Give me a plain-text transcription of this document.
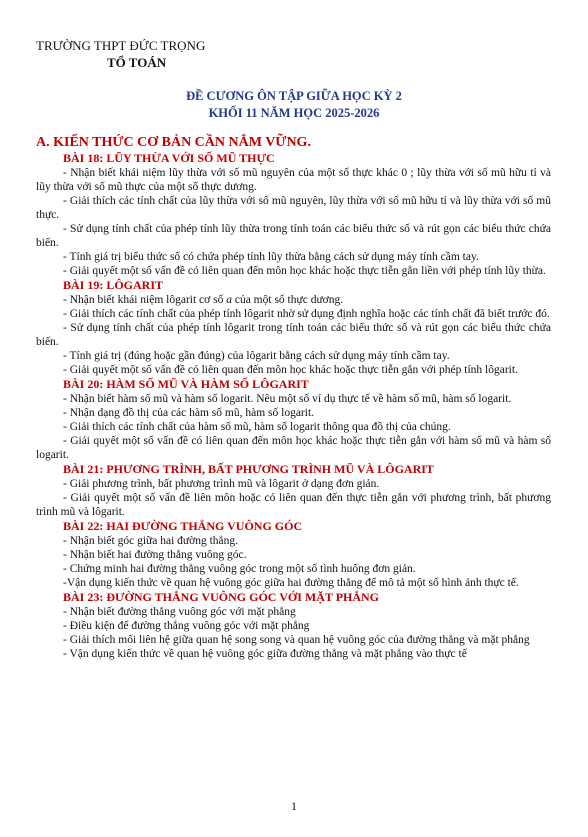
TRƯỜNG THPT ĐỨC TRỌNG
TỔ TOÁN
ĐỀ CƯƠNG ÔN TẬP GIỮA HỌC KỲ 2
KHỐI 11 NĂM HỌC 2025-2026

A. KIẾN THỨC CƠ BẢN CẦN NẮM VỮNG.

BÀI 18: LŨY THỪA VỚI SỐ MŨ THỰC

- Nhận biết khái niệm lũy thừa với số mũ nguyên của một số thực khác 0 ; lũy thừa với số mũ hữu tỉ và lũy thừa với số mũ thực của một số thực dương.

- Giải thích các tính chất của lũy thừa với số mũ nguyên, lũy thừa với số mũ hữu tỉ và lũy thừa với số mũ thực.

- Sử dụng tính chất của phép tính lũy thừa trong tính toán các biểu thức số và rút gọn các biểu thức chứa biến.

- Tính giá trị biểu thức số có chứa phép tính lũy thừa bằng cách sử dụng máy tính cầm tay.

- Giải quyết một số vấn đề có liên quan đến môn học khác hoặc thực tiễn gắn liền với phép tính lũy thừa.

BÀI 19: LÔGARIT

- Nhận biết khái niệm lôgarit cơ số a của một số thực dương.

- Giải thích các tính chất của phép tính lôgarit nhờ sử dụng định nghĩa hoặc các tính chất đã biết trước đó.

- Sử dụng tính chất của phép tính lôgarit trong tính toán các biểu thức số và rút gọn các biểu thức chứa biến.

- Tính giá trị (đúng hoặc gần đúng) của lôgarit bằng cách sử dụng máy tính cầm tay.

- Giải quyết một số vấn đề có liên quan đến môn học khác hoặc thực tiễn gắn với phép tính lôgarit.

BÀI 20: HÀM SỐ MŨ VÀ HÀM SỐ LÔGARIT

- Nhận biết hàm số mũ và hàm số logarit. Nêu một số ví dụ thực tế về hàm số mũ, hàm số logarit.

- Nhận dạng đồ thị của các hàm số mũ, hàm số logarit.

- Giải thích các tính chất của hàm số mũ, hàm số logarit thông qua đồ thị của chúng.

- Giải quyết một số vấn đề có liên quan đến môn học khác hoặc thực tiễn gắn với hàm số mũ và hàm số logarit.

BÀI 21: PHƯƠNG TRÌNH, BẤT PHƯƠNG TRÌNH MŨ VÀ LÔGARIT

- Giải phương trình, bất phương trình mũ và lôgarit ở dạng đơn giản.

- Giải quyết một số vấn đề liên môn hoặc có liên quan đến thực tiễn gắn với phương trình, bất phương trình mũ và lôgarit.

BÀI 22: HAI ĐƯỜNG THẲNG VUÔNG GÓC

- Nhận biết góc giữa hai đường thẳng.

- Nhận biết hai đường thẳng vuông góc.

- Chứng minh hai đường thẳng vuông góc trong một số tình huống đơn giản.

-Vận dụng kiến thức về quan hệ vuông góc giữa hai đường thẳng để mô tả một số hình ảnh thực tế.

BÀI 23: ĐƯỜNG THẲNG VUÔNG GÓC VỚI MẶT PHẲNG

- Nhận biết đường thẳng vuông góc với mặt phẳng

- Điều kiện để đường thẳng vuông góc với mặt phẳng

- Giải thích mối liên hệ giữa quan hệ song song và quan hệ vuông góc của đường thẳng và mặt phẳng

- Vận dụng kiến thức về quan hệ vuông góc giữa đường thẳng và mặt phẳng vào thực tế

1
